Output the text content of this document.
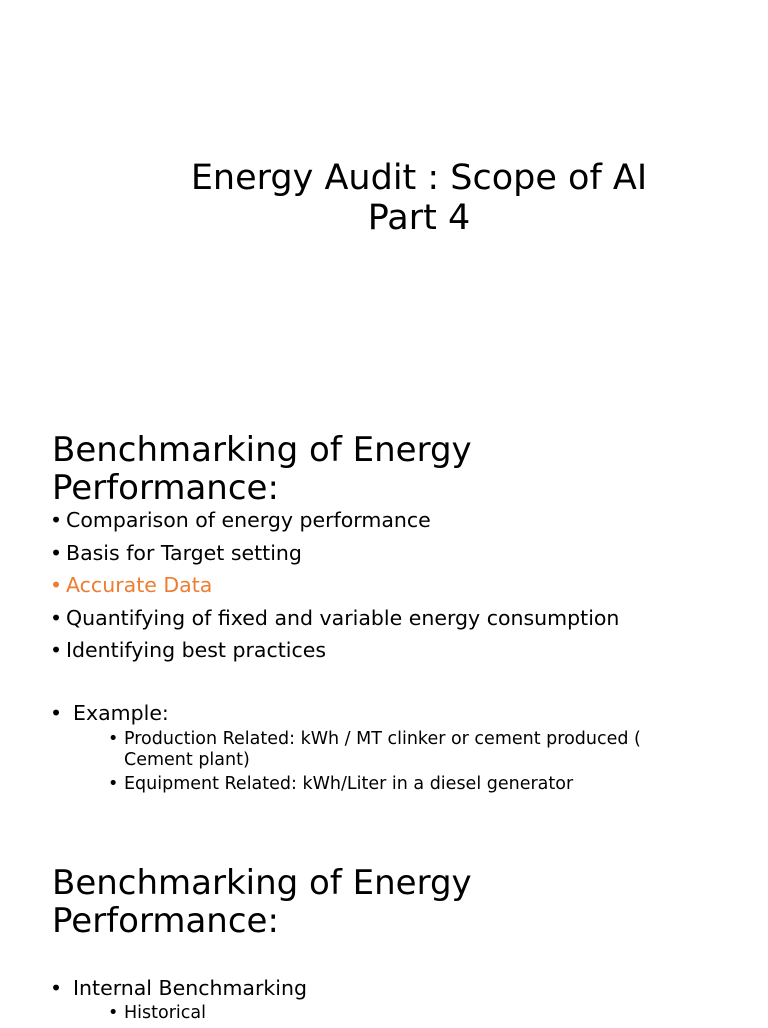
Energy Audit : Scope of AI
Part 4
Benchmarking of Energy
Performance:
• Comparison of energy performance
• Basis for Target setting
• Accurate Data
• Quantifying of fixed and variable energy consumption
• Identifying best practices
• Example:
• Production Related: kWh / MT clinker or cement produced ( Cement plant)
• Equipment Related: kWh/Liter in a diesel generator
Benchmarking of Energy
Performance:
• Internal Benchmarking
• Historical
